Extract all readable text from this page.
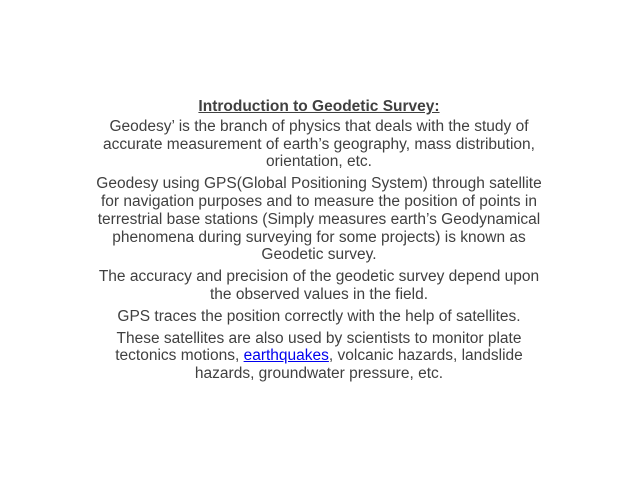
Introduction to Geodetic Survey:

Geodesy’ is the branch of physics that deals with the study of accurate measurement of earth’s geography, mass distribution, orientation, etc.

Geodesy using GPS(Global Positioning System) through satellite for navigation purposes and to measure the position of points in terrestrial base stations (Simply measures earth’s Geodynamical phenomena during surveying for some projects) is known as Geodetic survey.

The accuracy and precision of the geodetic survey depend upon the observed values in the field.

GPS traces the position correctly with the help of satellites.

These satellites are also used by scientists to monitor plate tectonics motions, earthquakes, volcanic hazards, landslide hazards, groundwater pressure, etc.
